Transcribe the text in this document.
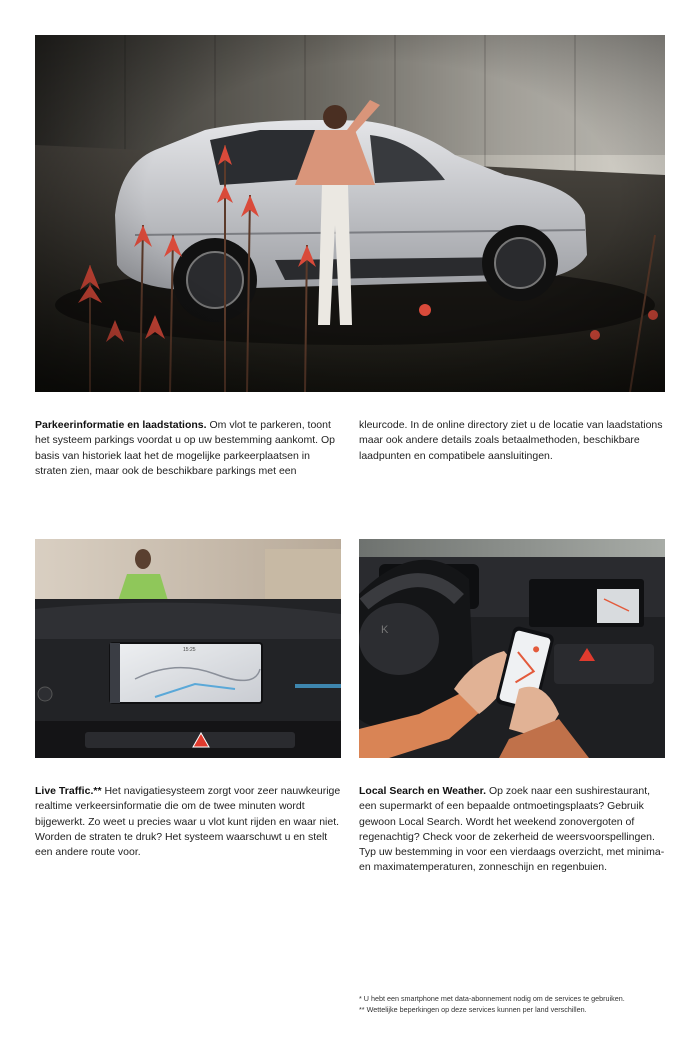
Parkeerinformatie en laadstations. Om vlot te parkeren, toont het systeem parkings voordat u op uw bestemming aankomt. Op basis van historiek laat het de mogelijke parkeerplaatsen in straten zien, maar ook de beschikbare parkings met een
kleurcode. In de online directory ziet u de locatie van laadstations maar ook andere details zoals betaalmethoden, beschikbare laadpunten en compatibele aansluitingen.
15:25
K
Live Traffic.** Het navigatiesysteem zorgt voor zeer nauwkeurige realtime verkeersinformatie die om de twee minuten wordt bijgewerkt. Zo weet u precies waar u vlot kunt rijden en waar niet. Worden de straten te druk? Het systeem waarschuwt u en stelt een andere route voor.
Local Search en Weather. Op zoek naar een sushirestaurant, een supermarkt of een bepaalde ontmoetingsplaats? Gebruik gewoon Local Search. Wordt het weekend zonovergoten of regenachtig? Check voor de zekerheid de weersvoorspellingen. Typ uw bestemming in voor een vierdaags overzicht, met minima- en maximatemperaturen, zonneschijn en regenbuien.
* U hebt een smartphone met data-abonnement nodig om de services te gebruiken.
** Wettelijke beperkingen op deze services kunnen per land verschillen.
